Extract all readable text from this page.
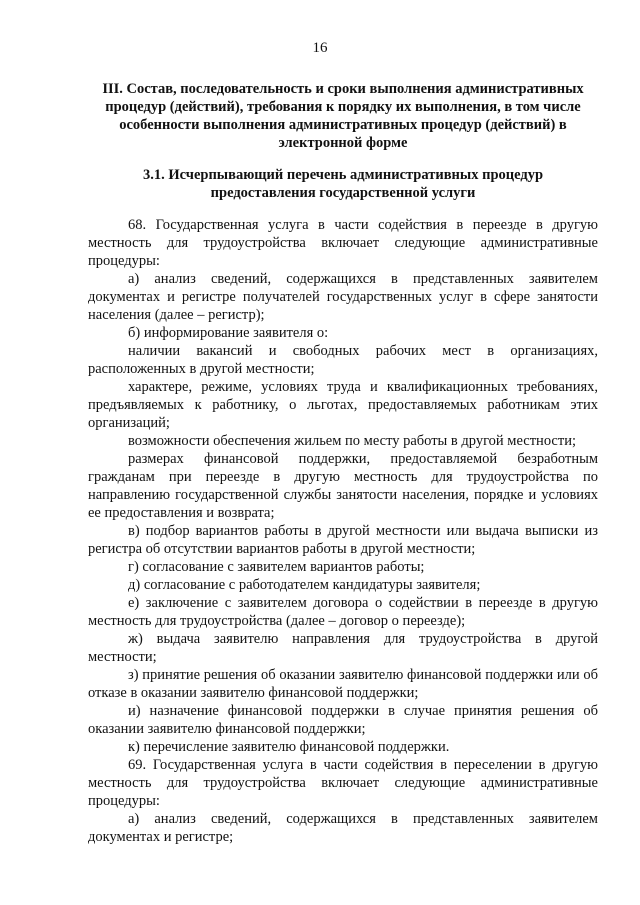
16
III. Состав, последовательность и сроки выполнения административных процедур (действий), требования к порядку их выполнения, в том числе особенности выполнения административных процедур (действий) в электронной форме
3.1. Исчерпывающий перечень административных процедур предоставления государственной услуги

68. Государственная услуга в части содействия в переезде в другую местность для трудоустройства включает следующие административные процедуры:

а) анализ сведений, содержащихся в представленных заявителем документах и регистре получателей государственных услуг в сфере занятости населения (далее – регистр);

б) информирование заявителя о:

наличии вакансий и свободных рабочих мест в организациях, расположенных в другой местности;

характере, режиме, условиях труда и квалификационных требованиях, предъявляемых к работнику, о льготах, предоставляемых работникам этих организаций;

возможности обеспечения жильем по месту работы в другой местности;

размерах финансовой поддержки, предоставляемой безработным гражданам при переезде в другую местность для трудоустройства по направлению государственной службы занятости населения, порядке и условиях ее предоставления и возврата;

в) подбор вариантов работы в другой местности или выдача выписки из регистра об отсутствии вариантов работы в другой местности;

г) согласование с заявителем вариантов работы;

д) согласование с работодателем кандидатуры заявителя;

е) заключение с заявителем договора о содействии в переезде в другую местность для трудоустройства (далее – договор о переезде);

ж) выдача заявителю направления для трудоустройства в другой местности;

з) принятие решения об оказании заявителю финансовой поддержки или об отказе в оказании заявителю финансовой поддержки;

и) назначение финансовой поддержки в случае принятия решения об оказании заявителю финансовой поддержки;

к) перечисление заявителю финансовой поддержки.

69. Государственная услуга в части содействия в переселении в другую местность для трудоустройства включает следующие административные процедуры:

а) анализ сведений, содержащихся в представленных заявителем документах и регистре;
